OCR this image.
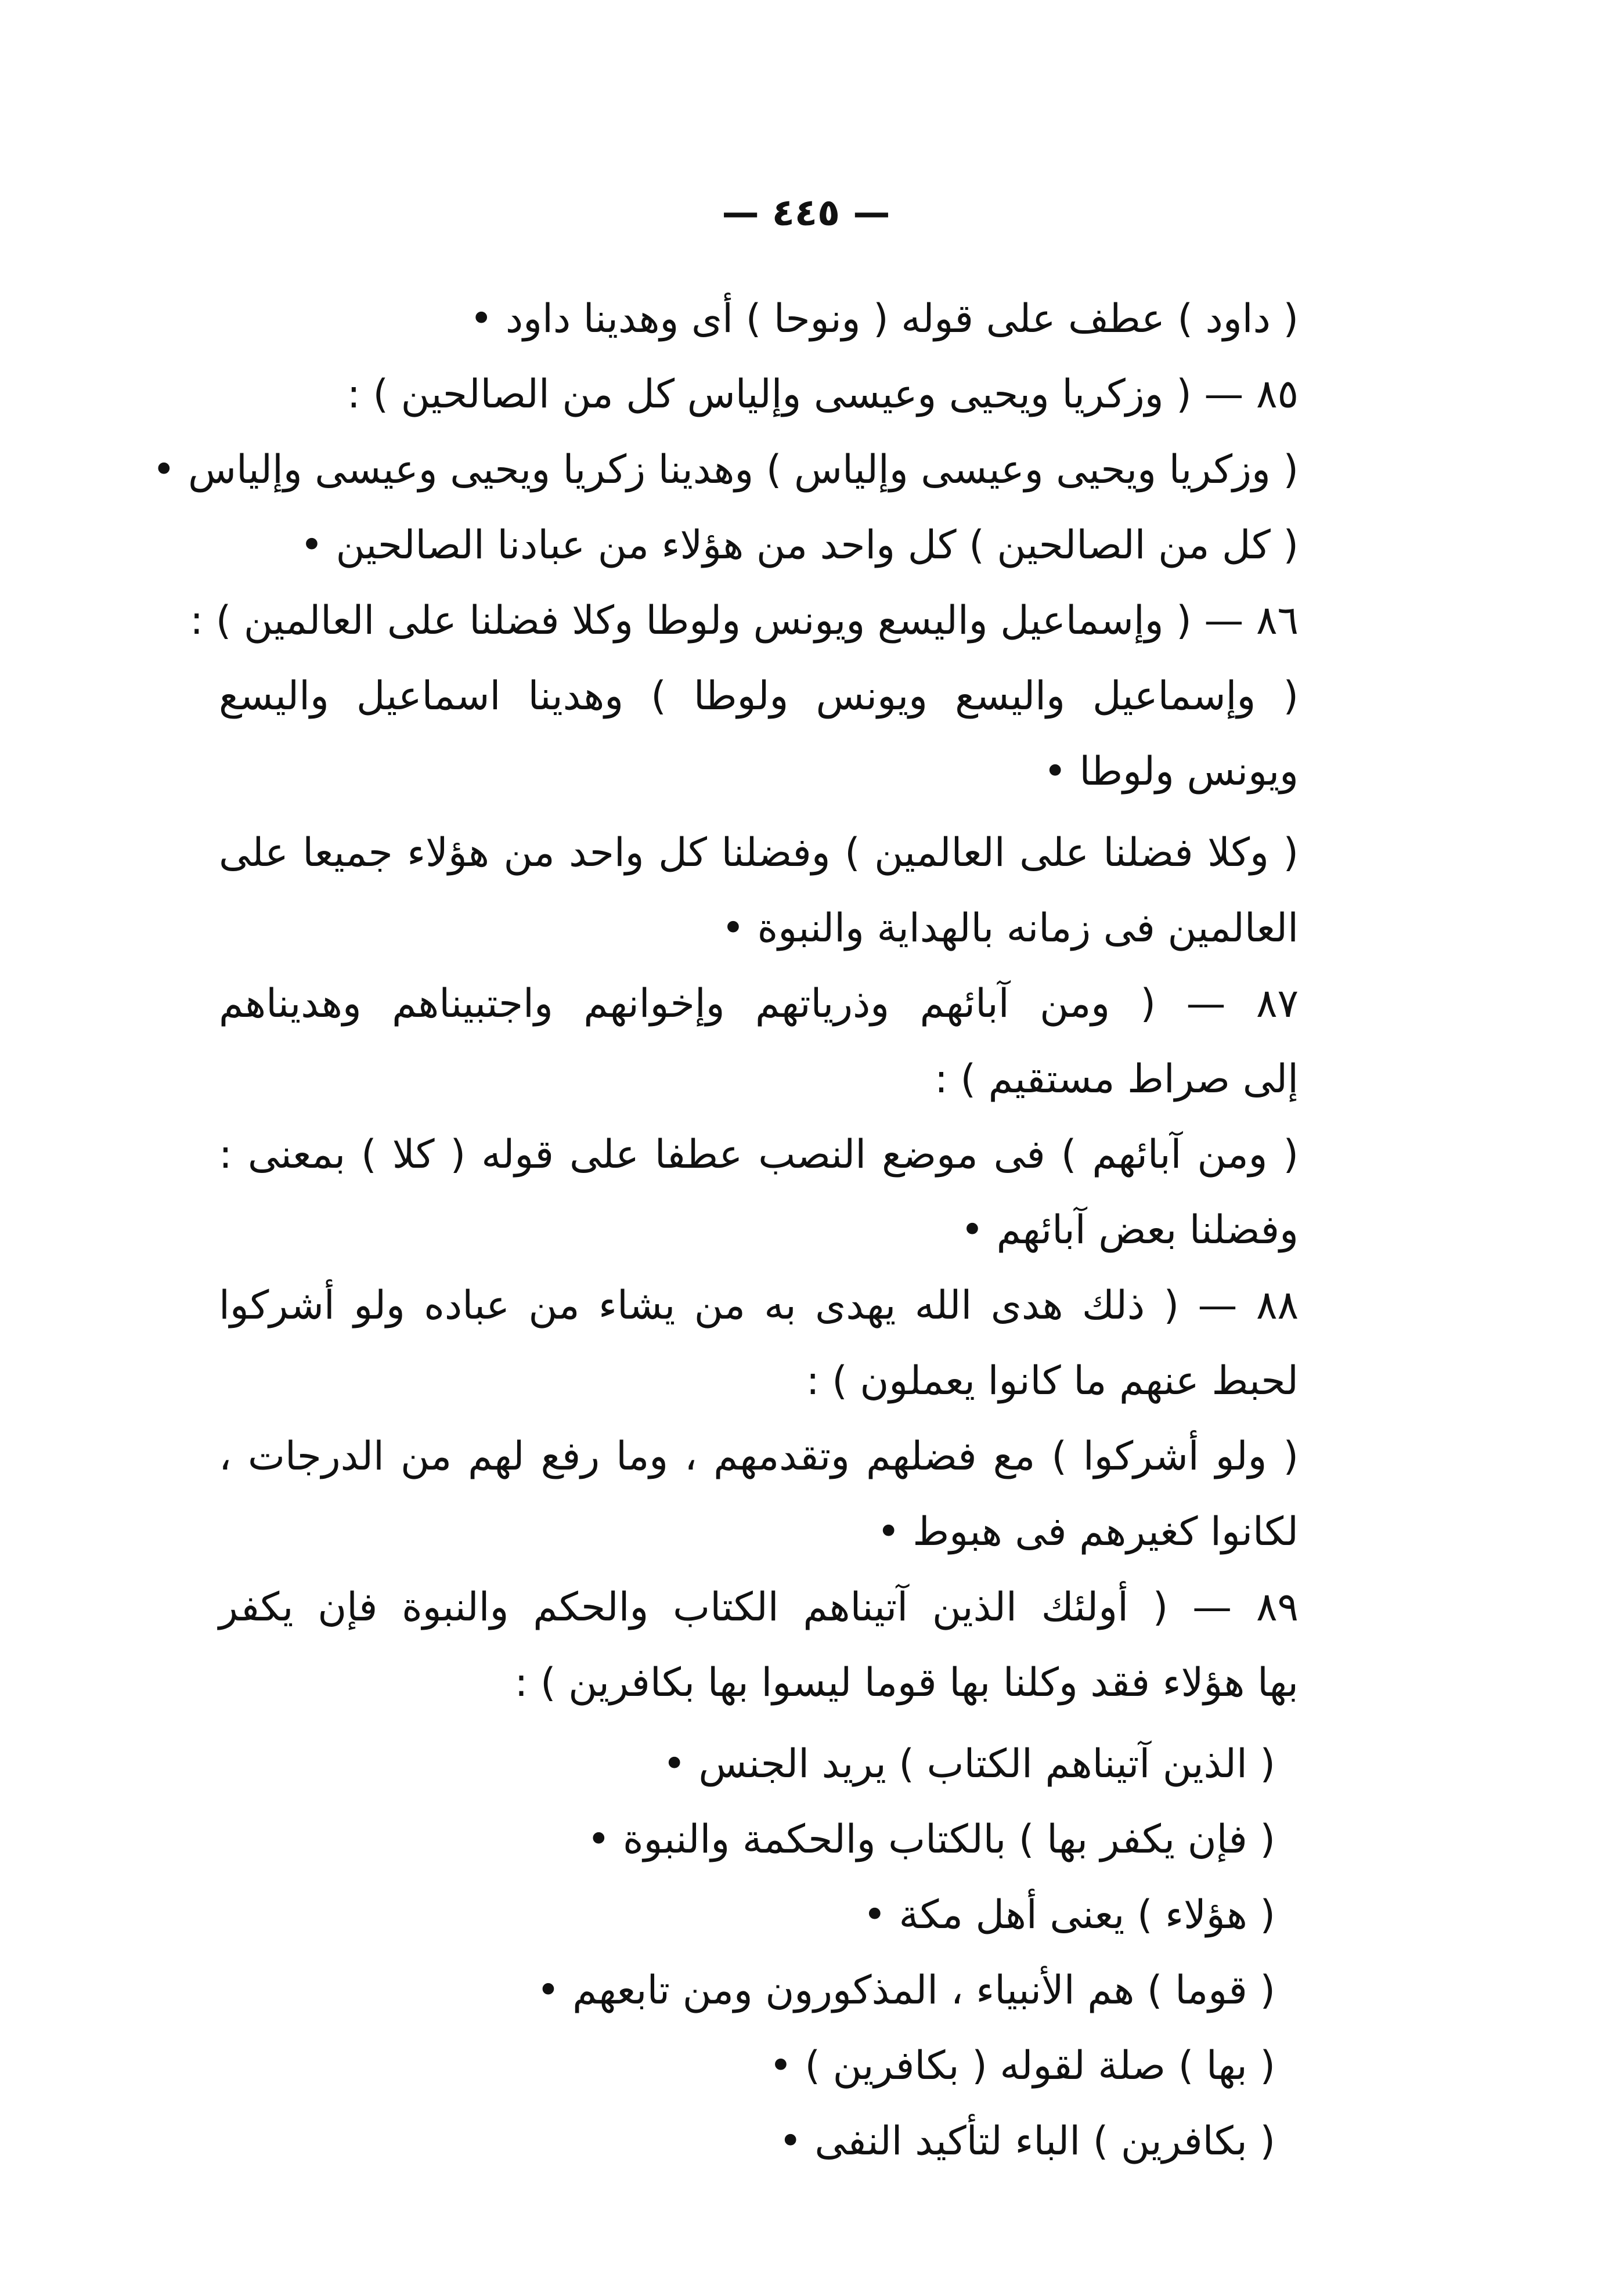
— ٤٤٥ —
( داود ) عطف على قوله ( ونوحا ) أى وهدينا داود •
٨٥ — ( وزكريا ويحيى وعيسى وإلياس كل من الصالحين ) :
( وزكريا ويحيى وعيسى وإلياس ) وهدينا زكريا ويحيى وعيسى وإلياس •
( كل من الصالحين ) كل واحد من هؤلاء من عبادنا الصالحين •
٨٦ — ( وإسماعيل واليسع ويونس ولوطا وكلا فضلنا على العالمين ) :
( وإسماعيل واليسع ويونس ولوطا ) وهدينا اسماعيل واليسع
ويونس ولوطا •
( وكلا فضلنا على العالمين ) وفضلنا كل واحد من هؤلاء جميعا على
العالمين فى زمانه بالهداية والنبوة •
٨٧ — ( ومن آبائهم وذرياتهم وإخوانهم واجتبيناهم وهديناهم
إلى صراط مستقيم ) :
( ومن آبائهم ) فى موضع النصب عطفا على قوله ( كلا ) بمعنى :
وفضلنا بعض آبائهم •
٨٨ — ( ذلك هدى الله يهدى به من يشاء من عباده ولو أشركوا
لحبط عنهم ما كانوا يعملون ) :
( ولو أشركوا ) مع فضلهم وتقدمهم ، وما رفع لهم من الدرجات ،
لكانوا كغيرهم فى هبوط •
٨٩ — ( أولئك الذين آتيناهم الكتاب والحكم والنبوة فإن يكفر
بها هؤلاء فقد وكلنا بها قوما ليسوا بها بكافرين ) :
( الذين آتيناهم الكتاب ) يريد الجنس •
( فإن يكفر بها ) بالكتاب والحكمة والنبوة •
( هؤلاء ) يعنى أهل مكة •
( قوما ) هم الأنبياء ، المذكورون ومن تابعهم •
( بها ) صلة لقوله ( بكافرين ) •
( بكافرين ) الباء لتأكيد النفى •
